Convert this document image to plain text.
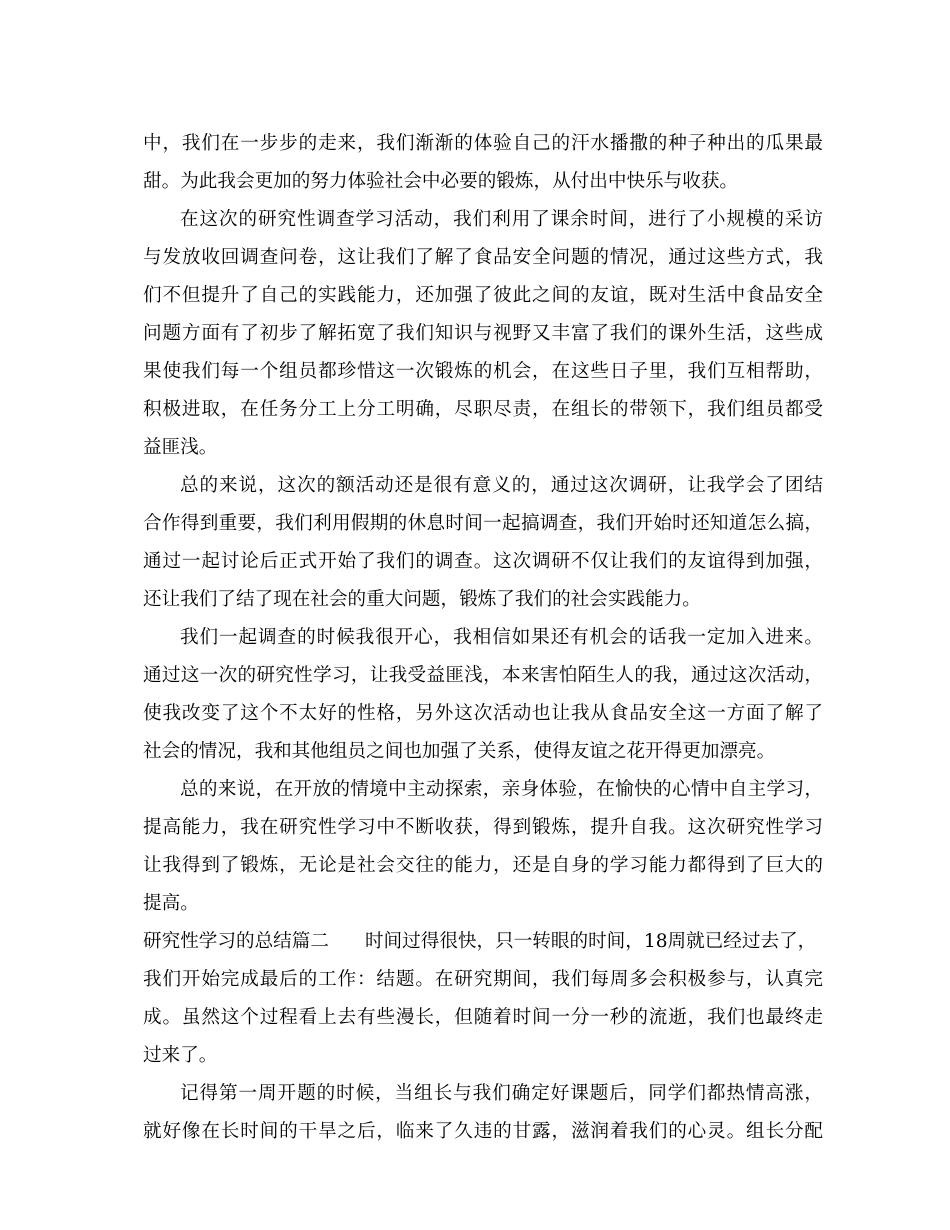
中，我们在一步步的走来，我们渐渐的体验自己的汗水播撒的种子种出的瓜果最
甜。为此我会更加的努力体验社会中必要的锻炼，从付出中快乐与收获。
在这次的研究性调查学习活动，我们利用了课余时间，进行了小规模的采访
与发放收回调查问卷，这让我们了解了食品安全问题的情况，通过这些方式，我
们不但提升了自己的实践能力，还加强了彼此之间的友谊，既对生活中食品安全
问题方面有了初步了解拓宽了我们知识与视野又丰富了我们的课外生活，这些成
果使我们每一个组员都珍惜这一次锻炼的机会，在这些日子里，我们互相帮助，
积极进取，在任务分工上分工明确，尽职尽责，在组长的带领下，我们组员都受
益匪浅。
总的来说，这次的额活动还是很有意义的，通过这次调研，让我学会了团结
合作得到重要，我们利用假期的休息时间一起搞调查，我们开始时还知道怎么搞，
通过一起讨论后正式开始了我们的调查。这次调研不仅让我们的友谊得到加强，
还让我们了结了现在社会的重大问题，锻炼了我们的社会实践能力。
我们一起调查的时候我很开心，我相信如果还有机会的话我一定加入进来。
通过这一次的研究性学习，让我受益匪浅，本来害怕陌生人的我，通过这次活动，
使我改变了这个不太好的性格，另外这次活动也让我从食品安全这一方面了解了
社会的情况，我和其他组员之间也加强了关系，使得友谊之花开得更加漂亮。
总的来说，在开放的情境中主动探索，亲身体验，在愉快的心情中自主学习，
提高能力，我在研究性学习中不断收获，得到锻炼，提升自我。这次研究性学习
让我得到了锻炼，无论是社会交往的能力，还是自身的学习能力都得到了巨大的
提高。
研究性学习的总结篇二 时间过得很快，只一转眼的时间，18周就已经过去了，
我们开始完成最后的工作：结题。在研究期间，我们每周多会积极参与，认真完
成。虽然这个过程看上去有些漫长，但随着时间一分一秒的流逝，我们也最终走
过来了。
记得第一周开题的时候，当组长与我们确定好课题后，同学们都热情高涨，
就好像在长时间的干旱之后，临来了久违的甘露，滋润着我们的心灵。组长分配
